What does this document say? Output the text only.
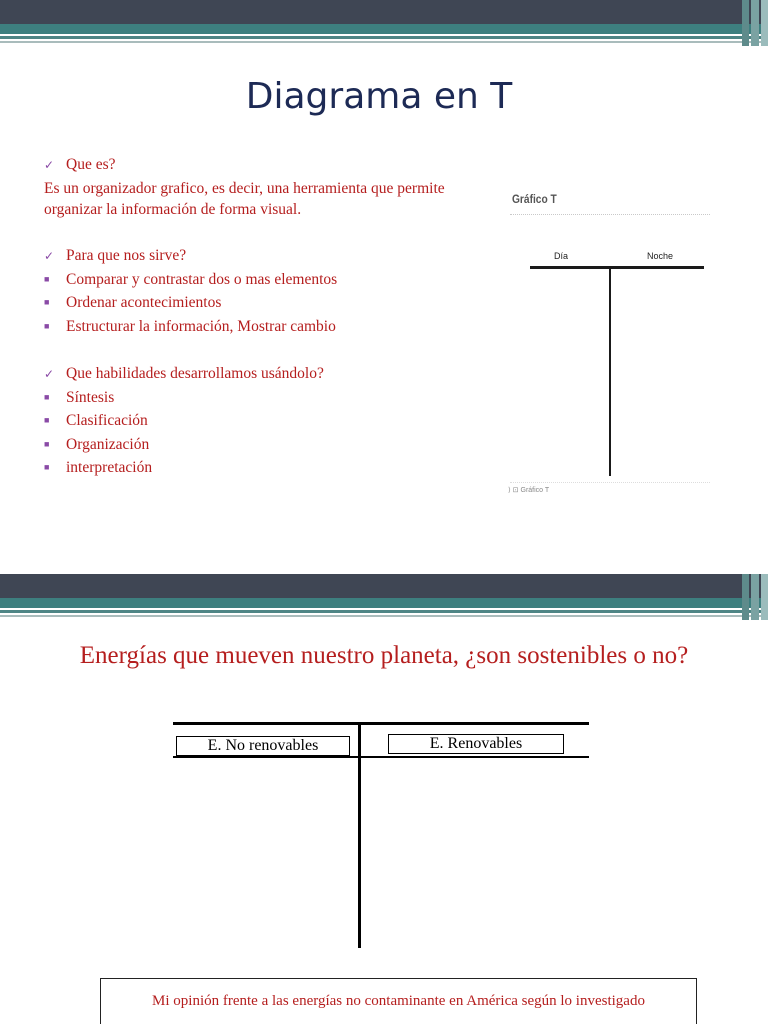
Diagrama en T
✓ Que es?
Es un organizador grafico, es decir, una herramienta que permite organizar la información de forma visual.
✓ Para que nos sirve?
■ Comparar y contrastar dos o mas elementos
■ Ordenar acontecimientos
■ Estructurar la información, Mostrar cambio
✓ Que habilidades desarrollamos usándolo?
■ Síntesis
■ Clasificación
■ Organización
■ interpretación
Gráfico T
Día	Noche
⟩ ⊡ Gráfico T
Energías que mueven nuestro planeta, ¿son sostenibles o no?
E. No renovables	E. Renovables
Mi opinión frente a las energías no contaminante en América según lo investigado
